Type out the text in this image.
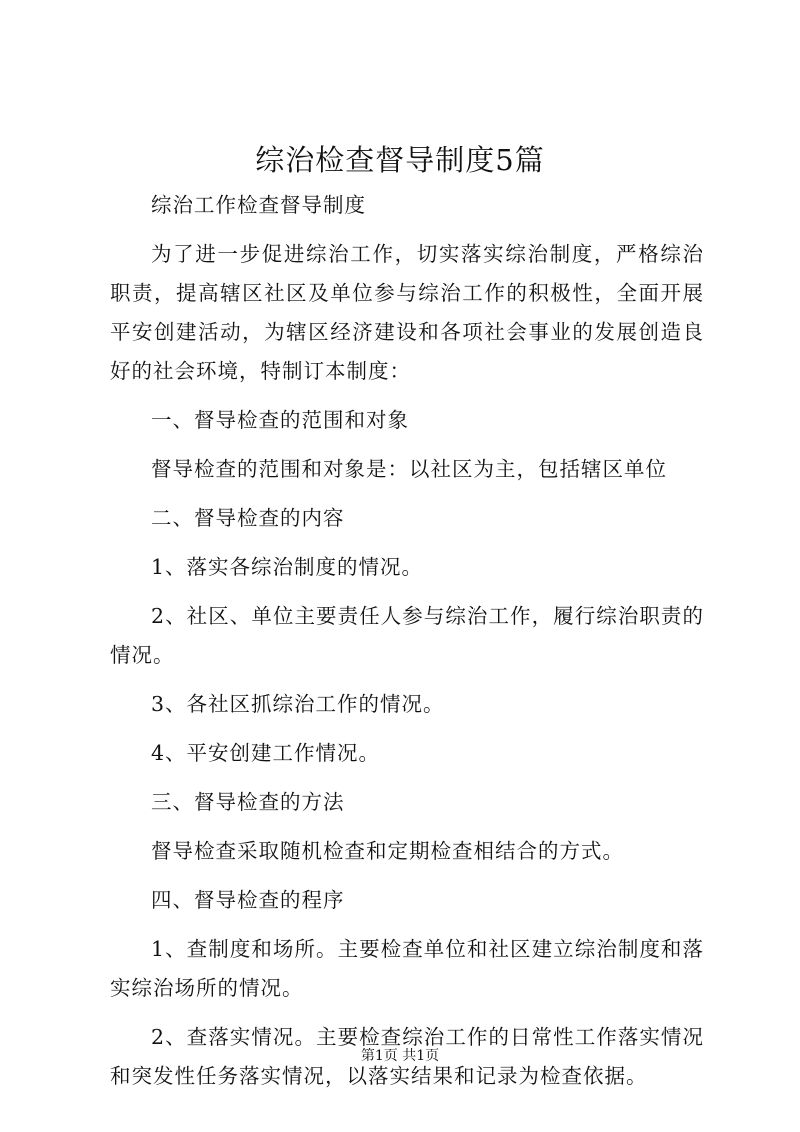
综治检查督导制度5篇

综治工作检查督导制度

为了进一步促进综治工作，切实落实综治制度，严格综治职责，提高辖区社区及单位参与综治工作的积极性，全面开展平安创建活动，为辖区经济建设和各项社会事业的发展创造良好的社会环境，特制订本制度：

一、督导检查的范围和对象

督导检查的范围和对象是：以社区为主，包括辖区单位

二、督导检查的内容

1、落实各综治制度的情况。

2、社区、单位主要责任人参与综治工作，履行综治职责的情况。

3、各社区抓综治工作的情况。

4、平安创建工作情况。

三、督导检查的方法

督导检查采取随机检查和定期检查相结合的方式。

四、督导检查的程序

1、查制度和场所。主要检查单位和社区建立综治制度和落实综治场所的情况。

2、查落实情况。主要检查综治工作的日常性工作落实情况和突发性任务落实情况，以落实结果和记录为检查依据。

第1页 共1页
